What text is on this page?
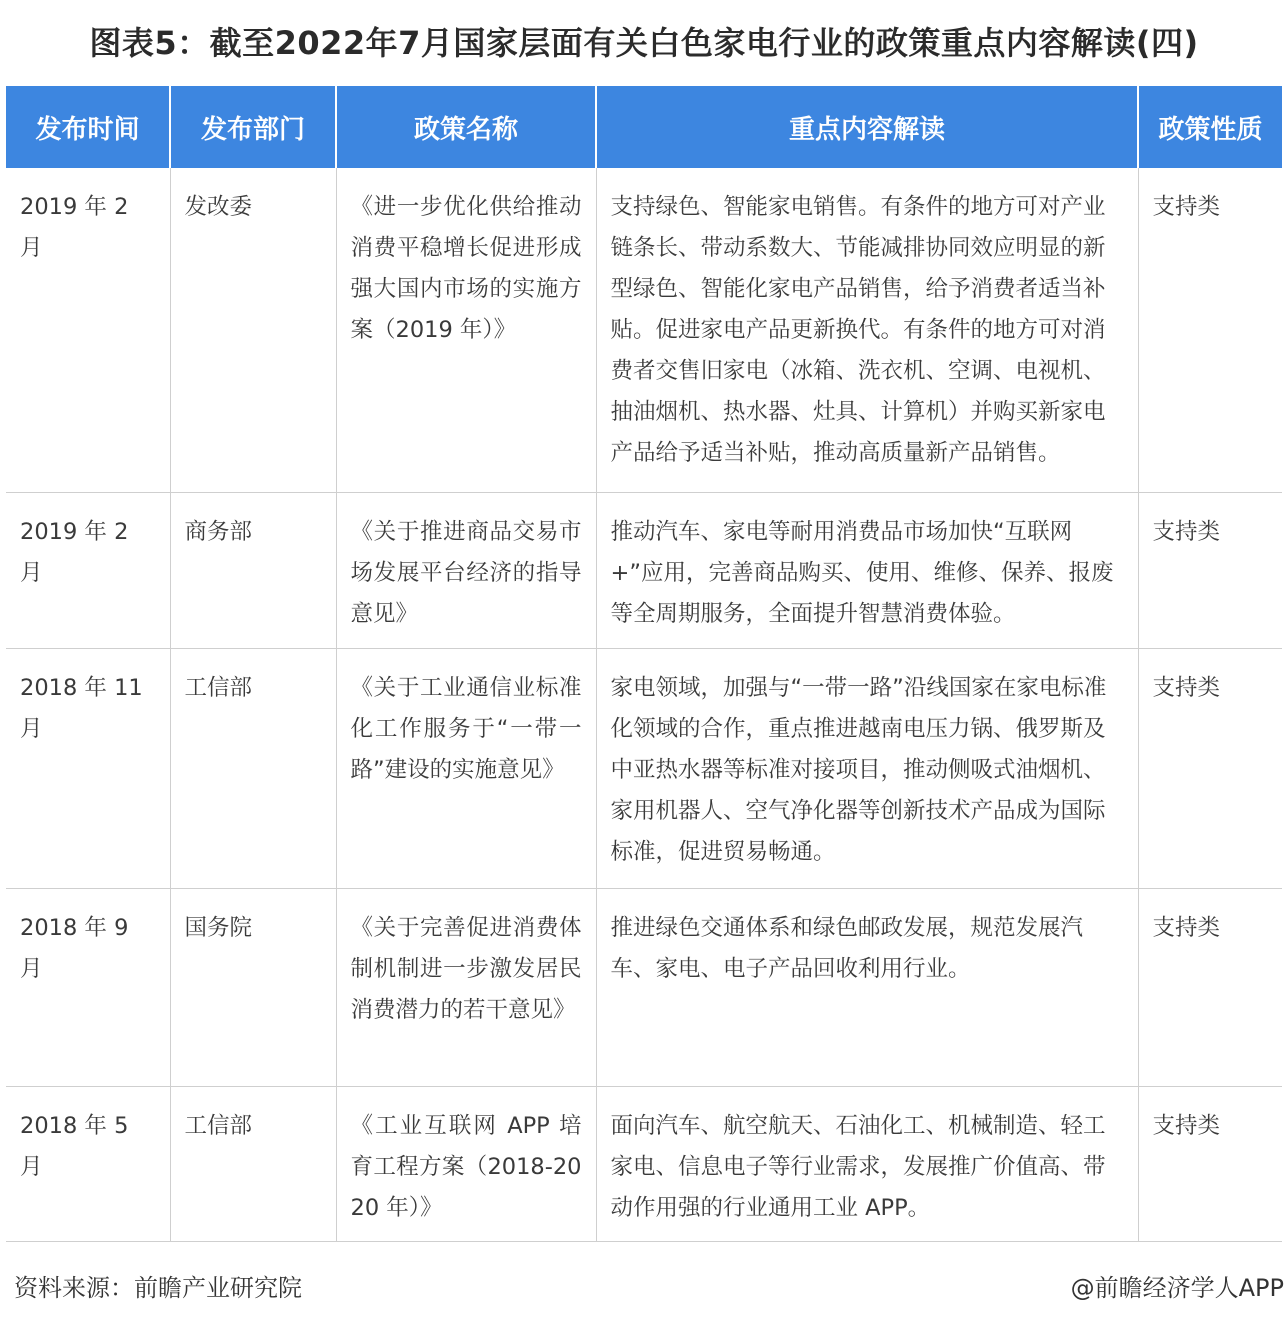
图表5：截至2022年7月国家层面有关白色家电行业的政策重点内容解读(四)
发布时间	发布部门	政策名称	重点内容解读	政策性质
2019 年 2 月	发改委	《进一步优化供给推动消费平稳增长促进形成强大国内市场的实施方案（2019 年）》	支持绿色、智能家电销售。有条件的地方可对产业链条长、带动系数大、节能减排协同效应明显的新型绿色、智能化家电产品销售，给予消费者适当补贴。促进家电产品更新换代。有条件的地方可对消费者交售旧家电（冰箱、洗衣机、空调、电视机、抽油烟机、热水器、灶具、计算机）并购买新家电产品给予适当补贴，推动高质量新产品销售。	支持类
2019 年 2 月	商务部	《关于推进商品交易市场发展平台经济的指导意见》	推动汽车、家电等耐用消费品市场加快“互联网+”应用，完善商品购买、使用、维修、保养、报废等全周期服务，全面提升智慧消费体验。	支持类
2018 年 11 月	工信部	《关于工业通信业标准化工作服务于“一带一路”建设的实施意见》	家电领域，加强与“一带一路”沿线国家在家电标准化领域的合作，重点推进越南电压力锅、俄罗斯及中亚热水器等标准对接项目，推动侧吸式油烟机、家用机器人、空气净化器等创新技术产品成为国际标准，促进贸易畅通。	支持类
2018 年 9 月	国务院	《关于完善促进消费体制机制进一步激发居民消费潜力的若干意见》	推进绿色交通体系和绿色邮政发展，规范发展汽车、家电、电子产品回收利用行业。	支持类
2018 年 5 月	工信部	《工业互联网 APP 培育工程方案（2018-2020 年）》	面向汽车、航空航天、石油化工、机械制造、轻工家电、信息电子等行业需求，发展推广价值高、带动作用强的行业通用工业 APP。	支持类
资料来源：前瞻产业研究院	@前瞻经济学人APP
